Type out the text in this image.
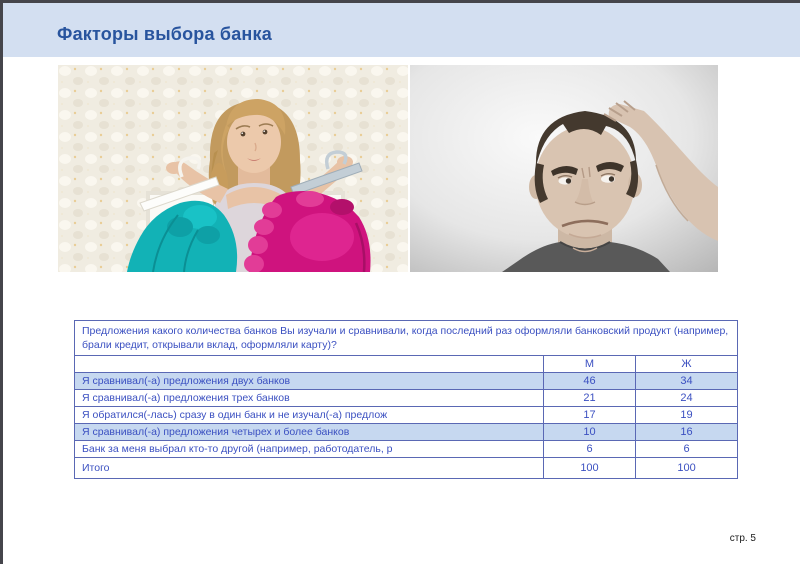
Факторы выбора банка
Предложения какого количества банков Вы изучали и сравнивали, когда последний раз оформляли банковский продукт (например, брали кредит, открывали вклад, оформляли карту)?		
	М	Ж
Я сравнивал(-а) предложения двух банков	46	34
Я сравнивал(-а) предложения трех банков	21	24
Я обратился(-лась) сразу в один банк и не изучал(-а) предлож	17	19
Я сравнивал(-а) предложения четырех и более банков	10	16
Банк за меня выбрал кто-то другой (например, работодатель, р	6	6
Итого	100	100
стр. 5
